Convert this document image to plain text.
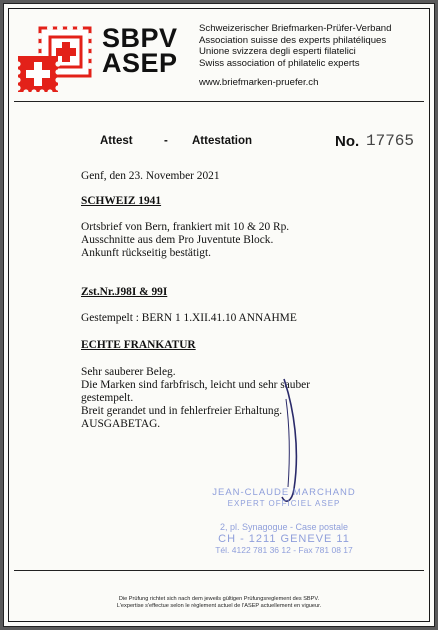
SBPV
ASEP
Schweizerischer Briefmarken-Prüfer-Verband
Association suisse des experts philatéliques
Unione svizzera degli esperti filatelici
Swiss association of philatelic experts
www.briefmarken-pruefer.ch
Attest	- Attestation	No. 17765
Genf, den 23. November 2021
SCHWEIZ 1941
Ortsbrief von Bern, frankiert mit 10 & 20 Rp.
Ausschnitte aus dem Pro Juventute Block.
Ankunft rückseitig bestätigt.
Zst.Nr.J98I & 99I
Gestempelt : BERN 1 1.XII.41.10 ANNAHME
ECHTE FRANKATUR
Sehr sauberer Beleg.
Die Marken sind farbfrisch, leicht und sehr sauber
gestempelt.
Breit gerandet und in fehlerfreier Erhaltung.
AUSGABETAG.
JEAN-CLAUDE MARCHAND
EXPERT OFFICIEL ASEP
2, pl. Synagogue - Case postale
CH - 1211 GENEVE 11
Tél. 4122 781 36 12 - Fax 781 08 17
Die Prüfung richtet sich nach dem jeweils gültigen Prüfungsreglement des SBPV.
L'expertise s'effectue selon le règlement actuel de l'ASEP actuellement en vigueur.
